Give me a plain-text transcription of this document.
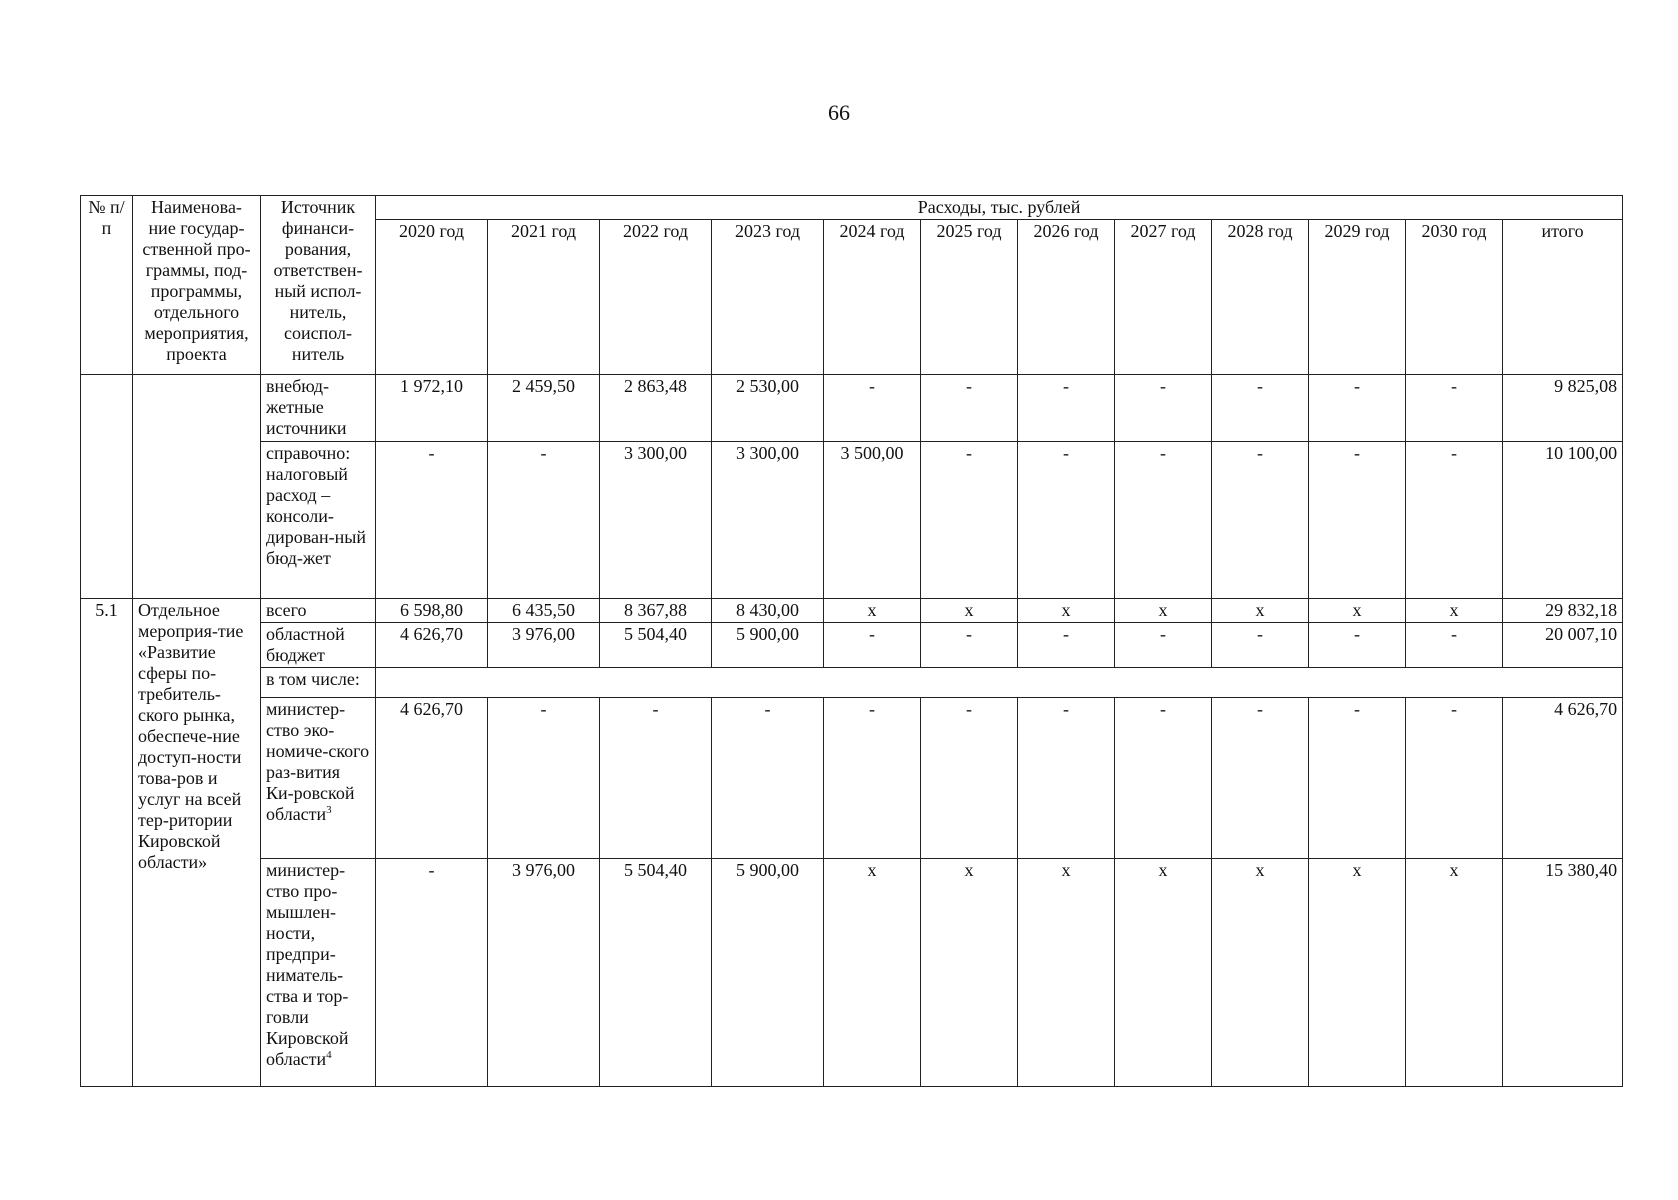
66
№ п/п	Наименова-ние государ-ственной про-граммы, под-программы, отдельного мероприятия, проекта	Источник финанси-рования, ответствен-ный испол-нитель, соиспол-нитель	Расходы, тыс. рублей											
			2020 год	2021 год	2022 год	2023 год	2024 год	2025 год	2026 год	2027 год	2028 год	2029 год	2030 год	итого
		внебюд-жетные источники	1 972,10	2 459,50	2 863,48	2 530,00	-	-	-	-	-	-	-	9 825,08
		справочно: налоговый расход – консоли-дирован-ный бюд-жет	-	-	3 300,00	3 300,00	3 500,00	-	-	-	-	-	-	10 100,00
5.1	Отдельное мероприя-тие «Развитие сферы по-требитель-ского рынка, обеспече-ние доступ-ности това-ров и услуг на всей тер-ритории Кировской области»	всего	6 598,80	6 435,50	8 367,88	8 430,00	х	х	х	х	х	х	х	29 832,18
		областной бюджет	4 626,70	3 976,00	5 504,40	5 900,00	-	-	-	-	-	-	-	20 007,10
		в том числе:												
		министер-ство эко-номиче-ского раз-вития Ки-ровской области$^3$	4 626,70	-	-	-	-	-	-	-	-	-	-	4 626,70
		министер-ство про-мышлен-ности, предпри-ниматель-ства и тор-говли Кировской области$^4$	-	3 976,00	5 504,40	5 900,00	х	х	х	х	х	х	х	15 380,40
